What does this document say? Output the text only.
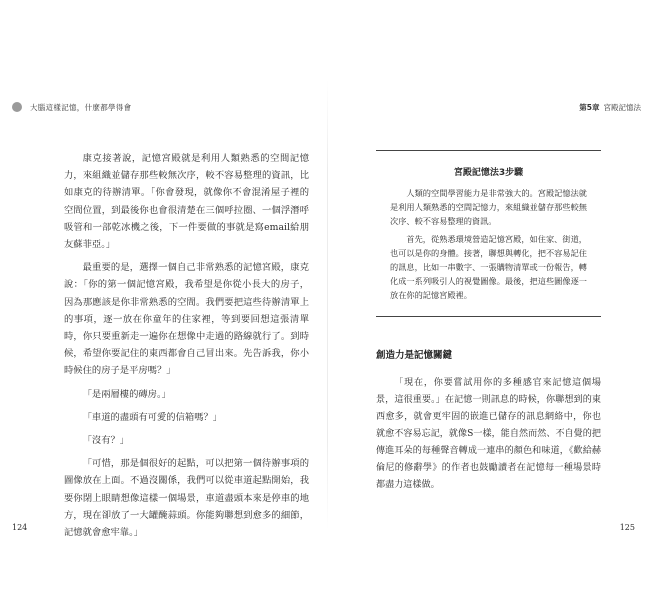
大腦這樣記憶，什麼都學得會	第5章 宮殿記憶法

康克接著說，記憶宮殿就是利用人類熟悉的空間記憶力，來組織並儲存那些較無次序，較不容易整理的資訊，比如康克的待辦清單。「你會發現，就像你不會混淆屋子裡的空間位置，到最後你也會很清楚在三個呼拉圈、一個浮潛呼吸管和一部乾冰機之後，下一件要做的事就是寫email給朋友蘇菲亞。」

最重要的是，選擇一個自己非常熟悉的記憶宮殿，康克說：「你的第一個記憶宮殿，我希望是你從小長大的房子，因為那應該是你非常熟悉的空間。我們要把這些待辦清單上的事項，逐一放在你童年的住家裡，等到要回想這張清單時，你只要重新走一遍你在想像中走過的路線就行了。到時候，希望你要記住的東西都會自己冒出來。先告訴我，你小時候住的房子是平房嗎？」

「是兩層樓的磚房。」

「車道的盡頭有可愛的信箱嗎？」

「沒有？」

「可惜，那是個很好的起點，可以把第一個待辦事項的圖像放在上面。不過沒關係，我們可以從車道起點開始，我要你閉上眼睛想像這樣一個場景，車道盡頭本來是停車的地方，現在卻放了一大罐醃蒜頭。你能夠聯想到愈多的細節，記憶就會愈牢靠。」

宮殿記憶法3步驟

人類的空間學習能力是非常強大的。宮殿記憶法就是利用人類熟悉的空間記憶力，來組織並儲存那些較無次序、較不容易整理的資訊。

首先，從熟悉環境營造記憶宮殿，如住家、街道，也可以是你的身體。接著，聯想與轉化，把不容易記住的訊息，比如一串數字、一張購物清單或一份報告，轉化成一系列吸引人的視覺圖像。最後，把這些圖像逐一放在你的記憶宮殿裡。

創造力是記憶關鍵

「現在，你要嘗試用你的多種感官來記憶這個場景，這很重要。」在記憶一則訊息的時候，你聯想到的東西愈多，就會更牢固的嵌進已儲存的訊息網絡中，你也就愈不容易忘記，就像S一樣，能自然而然、不自覺的把傳進耳朵的每種聲音轉成一連串的顏色和味道，《歡給赫倫尼的修辭學》的作者也鼓勵讀者在記憶每一種場景時都盡力這樣做。

124	125
